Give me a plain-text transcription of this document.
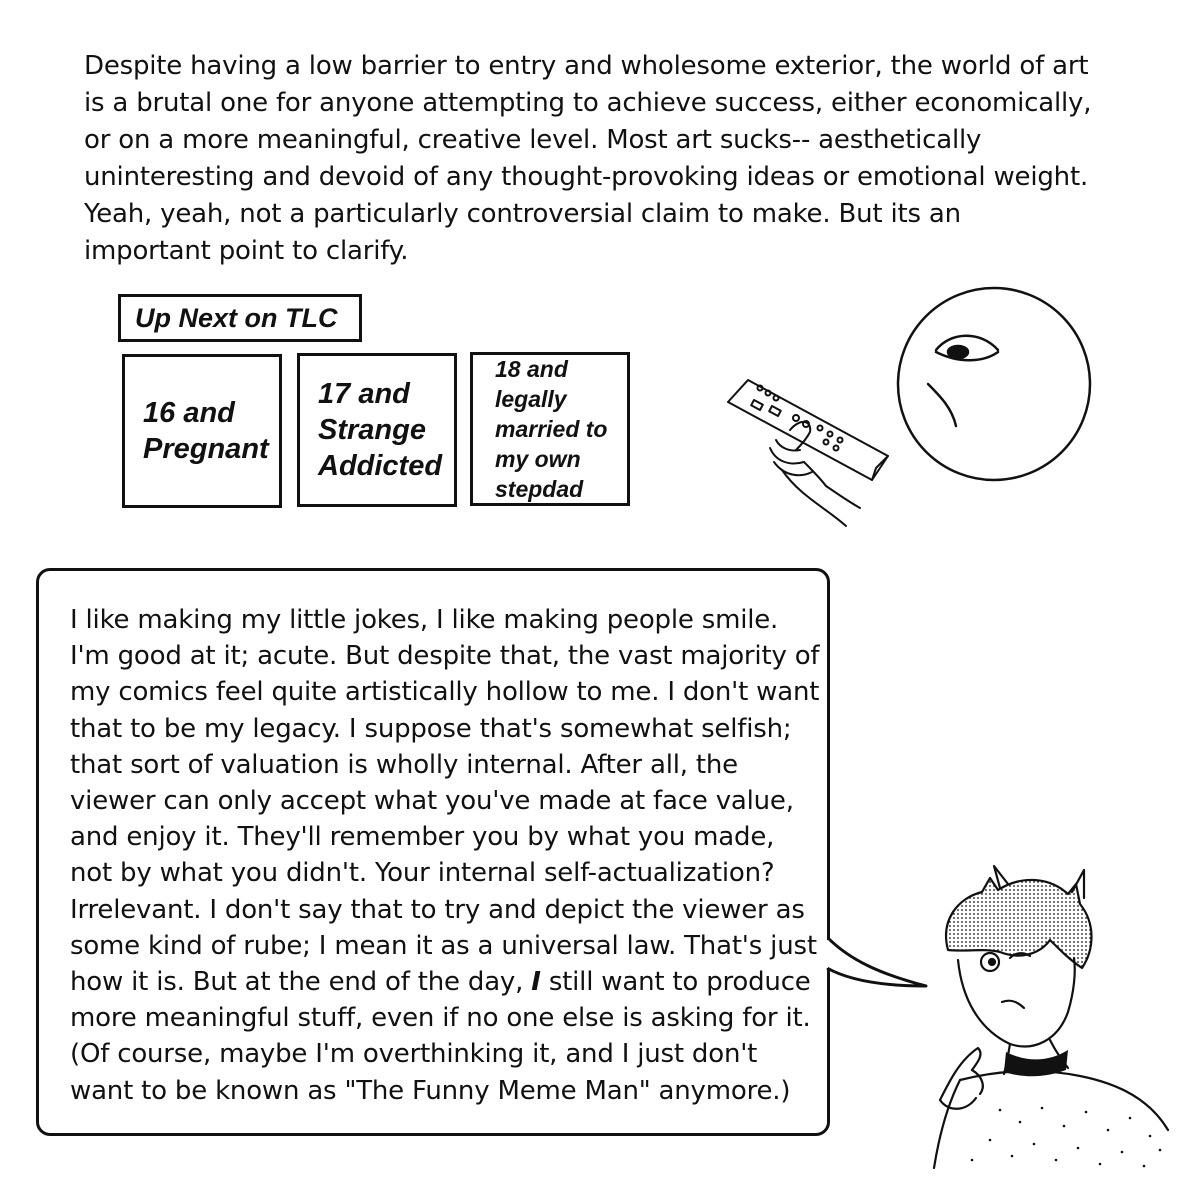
Despite having a low barrier to entry and wholesome exterior, the world of art is a brutal one for anyone attempting to achieve success, either economically, or on a more meaningful, creative level. Most art sucks-- aesthetically uninteresting and devoid of any thought-provoking ideas or emotional weight. Yeah, yeah, not a particularly controversial claim to make. But its an important point to clarify.

Up Next on TLC
16 and
Pregnant
17 and
Strange
Addicted
18 and
legally
married to
my own
stepdad

I like making my little jokes, I like making people smile. I'm good at it; acute. But despite that, the vast majority of my comics feel quite artistically hollow to me. I don't want that to be my legacy. I suppose that's somewhat selfish; that sort of valuation is wholly internal. After all, the viewer can only accept what you've made at face value, and enjoy it. They'll remember you by what you made, not by what you didn't. Your internal self-actualization? Irrelevant. I don't say that to try and depict the viewer as some kind of rube; I mean it as a universal law. That's just how it is. But at the end of the day, I still want to produce more meaningful stuff, even if no one else is asking for it. (Of course, maybe I'm overthinking it, and I just don't want to be known as "The Funny Meme Man" anymore.)
